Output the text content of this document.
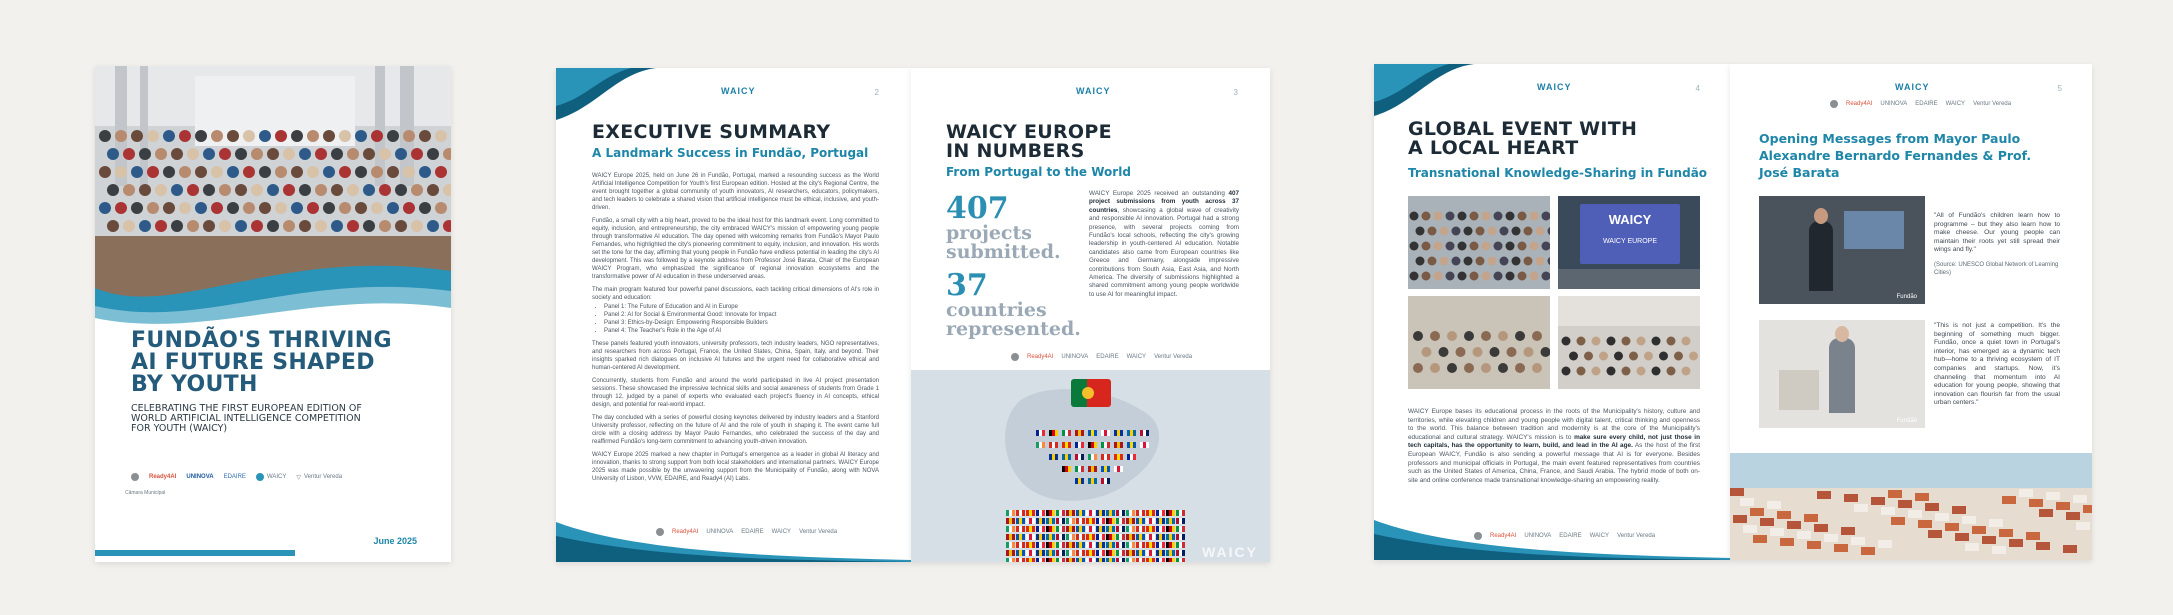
FUNDÃO'S THRIVING
AI FUTURE SHAPED
BY YOUTH
CELEBRATING THE FIRST EUROPEAN EDITION OF
WORLD ARTIFICIAL INTELLIGENCE COMPETITION
FOR YOUTH (WAICY)
Ready4AI UNINOVA EDAIRE	WAICY ▽ Ventur Vereda
Câmara Municipal
June 2025
WAICY	2
EXECUTIVE SUMMARY
A Landmark Success in Fundão, Portugal

WAICY Europe 2025, held on June 26 in Fundão, Portugal, marked a resounding success as the World Artificial Intelligence Competition for Youth's first European edition. Hosted at the city's Regional Centre, the event brought together a global community of youth innovators, AI researchers, educators, policymakers, and tech leaders to celebrate a shared vision that artificial intelligence must be ethical, inclusive, and youth-driven.

Fundão, a small city with a big heart, proved to be the ideal host for this landmark event. Long committed to equity, inclusion, and entrepreneurship, the city embraced WAICY's mission of empowering young people through transformative AI education. The day opened with welcoming remarks from Fundão's Mayor Paulo Fernandes, who highlighted the city's pioneering commitment to equity, inclusion, and innovation. His words set the tone for the day, affirming that young people in Fundão have endless potential in leading the city's AI development. This was followed by a keynote address from Professor José Barata, Chair of the European WAICY Program, who emphasized the significance of regional innovation ecosystems and the transformative power of AI education in these underserved areas.

The main program featured four powerful panel discussions, each tackling critical dimensions of AI's role in society and education:

• Panel 1: The Future of Education and AI in Europe
• Panel 2: AI for Social & Environmental Good: Innovate for Impact
• Panel 3: Ethics-by-Design: Empowering Responsible Builders
• Panel 4: The Teacher's Role in the Age of AI

These panels featured youth innovators, university professors, tech industry leaders, NGO representatives, and researchers from across Portugal, France, the United States, China, Spain, Italy, and beyond. Their insights sparked rich dialogues on inclusive AI futures and the urgent need for collaborative ethical and human-centered AI development.

Concurrently, students from Fundão and around the world participated in live AI project presentation sessions. These showcased the impressive technical skills and social awareness of students from Grade 1 through 12, judged by a panel of experts who evaluated each project's fluency in AI concepts, ethical design, and potential for real-world impact.

The day concluded with a series of powerful closing keynotes delivered by industry leaders and a Stanford University professor, reflecting on the future of AI and the role of youth in shaping it. The event came full circle with a closing address by Mayor Paulo Fernandes, who celebrated the success of the day and reaffirmed Fundão's long-term commitment to advancing youth-driven innovation.

WAICY Europe 2025 marked a new chapter in Portugal's emergence as a leader in global AI literacy and innovation, thanks to strong support from both local stakeholders and international partners. WAICY Europe 2025 was made possible by the unwavering support from the Municipality of Fundão, along with NOVA University of Lisbon, VVW, EDAIRE, and Ready4 (AI) Labs.

Ready4AI UNINOVA EDAIRE WAICY Ventur Vereda
WAICY	3
WAICY EUROPE
IN NUMBERS
From Portugal to the World
407
projects
submitted.
37
countries
represented.
WAICY Europe 2025 received an outstanding 407 project submissions from youth across 37 countries, showcasing a global wave of creativity and responsible AI innovation. Portugal had a strong presence, with several projects coming from Fundão's local schools, reflecting the city's growing leadership in youth-centered AI education. Notable candidates also came from European countries like Greece and Germany, alongside impressive contributions from South Asia, East Asia, and North America. The diversity of submissions highlighted a shared commitment among young people worldwide to use AI for meaningful impact.
Ready4AI UNINOVA EDAIRE WAICY Ventur Vereda
WAICY
WAICY	4
GLOBAL EVENT WITH
A LOCAL HEART
Transnational Knowledge-Sharing in Fundão
WAICY
WAICY EUROPE
WAICY Europe bases its educational process in the roots of the Municipality's history, culture and territories, while elevating children and young people with digital talent, critical thinking and openness to the world. This balance between tradition and modernity is at the core of the Municipality's educational and cultural strategy. WAICY's mission is to make sure every child, not just those in tech capitals, has the opportunity to learn, build, and lead in the AI age. As the host of the first European WAICY, Fundão is also sending a powerful message that AI is for everyone. Besides professors and municipal officials in Portugal, the main event featured representatives from countries such as the United States of America, China, France, and Saudi Arabia. The hybrid mode of both on-site and online conference made transnational knowledge-sharing an empowering reality.
Ready4AI UNINOVA EDAIRE WAICY Ventur Vereda
WAICY	5
Ready4AI UNINOVA EDAIRE WAICY Ventur Vereda
Opening Messages from Mayor Paulo Alexandre Bernardo Fernandes & Prof. José Barata
Fundão
Fundão
"All of Fundão's children learn how to programme – but they also learn how to make cheese. Our young people can maintain their roots yet still spread their wings and fly."
(Source: UNESCO Global Network of Learning Cities)
"This is not just a competition. It's the beginning of something much bigger. Fundão, once a quiet town in Portugal's interior, has emerged as a dynamic tech hub—home to a thriving ecosystem of IT companies and startups. Now, it's channeling that momentum into AI education for young people, showing that innovation can flourish far from the usual urban centers."
